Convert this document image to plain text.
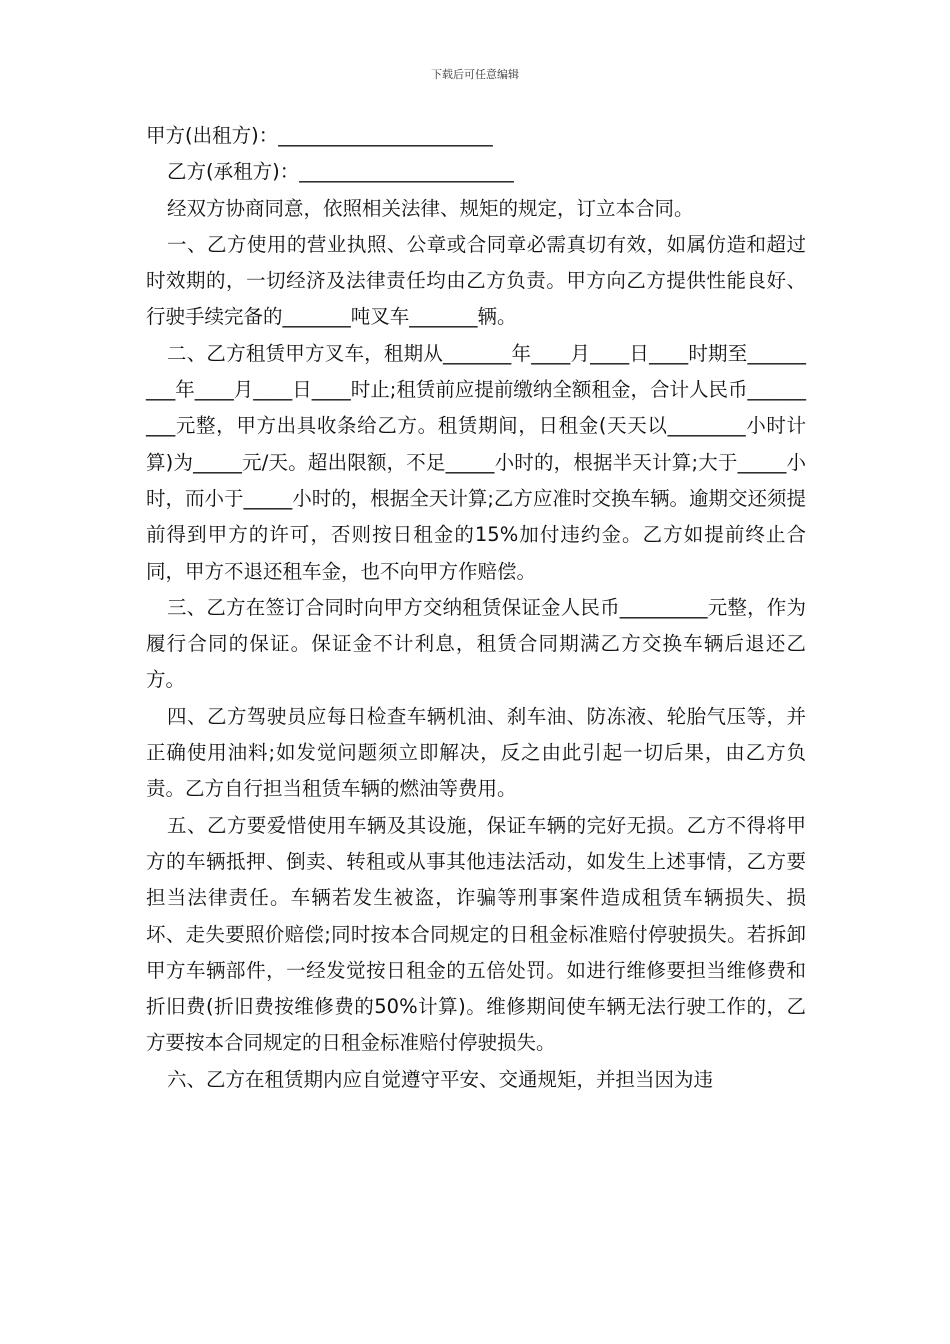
下载后可任意编辑

甲方(出租方)：______________________

乙方(承租方)：______________________

经双方协商同意，依照相关法律、规矩的规定，订立本合同。

一、乙方使用的营业执照、公章或合同章必需真切有效，如属仿造和超过时效期的，一切经济及法律责任均由乙方负责。甲方向乙方提供性能良好、行驶手续完备的_______吨叉车_______辆。

二、乙方租赁甲方叉车，租期从_______年____月____日____时期至_________年____月____日____时止;租赁前应提前缴纳全额租金，合计人民币_________元整，甲方出具收条给乙方。租赁期间，日租金(天天以________小时计算)为_____元/天。超出限额，不足_____小时的，根据半天计算;大于_____小时，而小于_____小时的，根据全天计算;乙方应准时交换车辆。逾期交还须提前得到甲方的许可，否则按日租金的15%加付违约金。乙方如提前终止合同，甲方不退还租车金，也不向甲方作赔偿。

三、乙方在签订合同时向甲方交纳租赁保证金人民币_________元整，作为履行合同的保证。保证金不计利息，租赁合同期满乙方交换车辆后退还乙方。

四、乙方驾驶员应每日检查车辆机油、刹车油、防冻液、轮胎气压等，并正确使用油料;如发觉问题须立即解决，反之由此引起一切后果，由乙方负责。乙方自行担当租赁车辆的燃油等费用。

五、乙方要爱惜使用车辆及其设施，保证车辆的完好无损。乙方不得将甲方的车辆抵押、倒卖、转租或从事其他违法活动，如发生上述事情，乙方要担当法律责任。车辆若发生被盗，诈骗等刑事案件造成租赁车辆损失、损坏、走失要照价赔偿;同时按本合同规定的日租金标准赔付停驶损失。若拆卸甲方车辆部件，一经发觉按日租金的五倍处罚。如进行维修要担当维修费和折旧费(折旧费按维修费的50%计算)。维修期间使车辆无法行驶工作的，乙方要按本合同规定的日租金标准赔付停驶损失。

六、乙方在租赁期内应自觉遵守平安、交通规矩，并担当因为违
